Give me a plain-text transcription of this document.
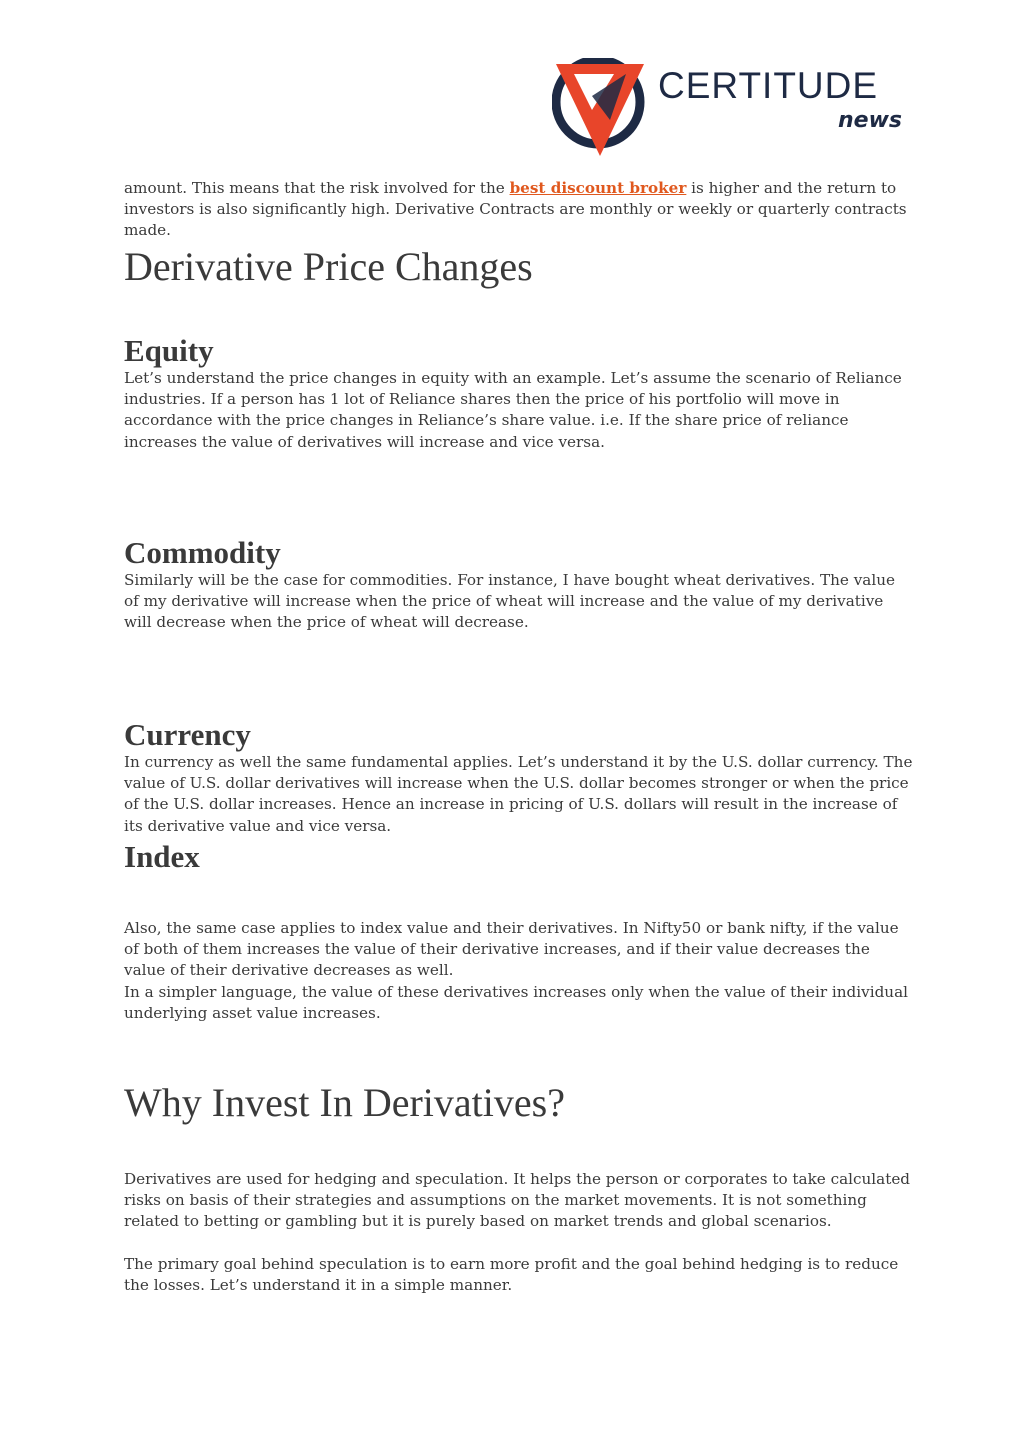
CERTITUDE
news

amount. This means that the risk involved for the best discount broker is higher and the return to investors is also significantly high. Derivative Contracts are monthly or weekly or quarterly contracts made.

Derivative Price Changes
Equity

Let’s understand the price changes in equity with an example. Let’s assume the scenario of Reliance industries. If a person has 1 lot of Reliance shares then the price of his portfolio will move in accordance with the price changes in Reliance’s share value. i.e. If the share price of reliance increases the value of derivatives will increase and vice versa.

Commodity

Similarly will be the case for commodities. For instance, I have bought wheat derivatives. The value of my derivative will increase when the price of wheat will increase and the value of my derivative will decrease when the price of wheat will decrease.

Currency

In currency as well the same fundamental applies. Let’s understand it by the U.S. dollar currency. The value of U.S. dollar derivatives will increase when the U.S. dollar becomes stronger or when the price of the U.S. dollar increases. Hence an increase in pricing of U.S. dollars will result in the increase of its derivative value and vice versa.

Index

Also, the same case applies to index value and their derivatives. In Nifty50 or bank nifty, if the value of both of them increases the value of their derivative increases, and if their value decreases the value of their derivative decreases as well.

In a simpler language, the value of these derivatives increases only when the value of their individual underlying asset value increases.

Why Invest In Derivatives?

Derivatives are used for hedging and speculation. It helps the person or corporates to take calculated risks on basis of their strategies and assumptions on the market movements. It is not something related to betting or gambling but it is purely based on market trends and global scenarios.

The primary goal behind speculation is to earn more profit and the goal behind hedging is to reduce the losses. Let’s understand it in a simple manner.
